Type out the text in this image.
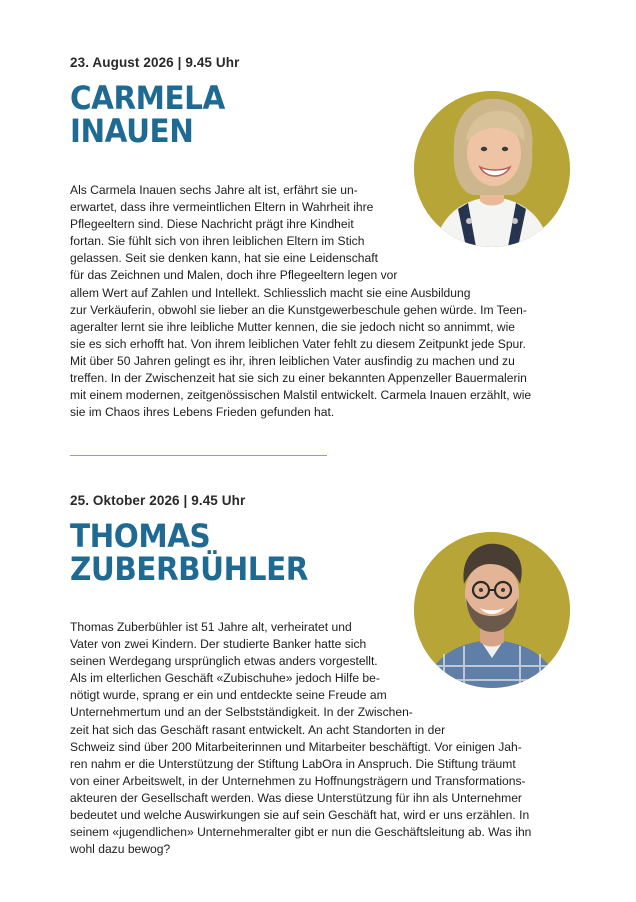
23. August 2026 | 9.45 Uhr
CARMELA
INAUEN
Als Carmela Inauen sechs Jahre alt ist, erfährt sie un-
erwartet, dass ihre vermeintlichen Eltern in Wahrheit ihre
Pflegeeltern sind. Diese Nachricht prägt ihre Kindheit
fortan. Sie fühlt sich von ihren leiblichen Eltern im Stich
gelassen. Seit sie denken kann, hat sie eine Leidenschaft
für das Zeichnen und Malen, doch ihre Pflegeeltern legen vor
allem Wert auf Zahlen und Intellekt. Schliesslich macht sie eine Ausbildung
zur Verkäuferin, obwohl sie lieber an die Kunstgewerbeschule gehen würde. Im Teen-
ageralter lernt sie ihre leibliche Mutter kennen, die sie jedoch nicht so annimmt, wie
sie es sich erhofft hat. Von ihrem leiblichen Vater fehlt zu diesem Zeitpunkt jede Spur.
Mit über 50 Jahren gelingt es ihr, ihren leiblichen Vater ausfindig zu machen und zu
treffen. In der Zwischenzeit hat sie sich zu einer bekannten Appenzeller Bauermalerin
mit einem modernen, zeitgenössischen Malstil entwickelt. Carmela Inauen erzählt, wie
sie im Chaos ihres Lebens Frieden gefunden hat.
25. Oktober 2026 | 9.45 Uhr
THOMAS
ZUBERBÜHLER
Thomas Zuberbühler ist 51 Jahre alt, verheiratet und
Vater von zwei Kindern. Der studierte Banker hatte sich
seinen Werdegang ursprünglich etwas anders vorgestellt.
Als im elterlichen Geschäft «Zubischuhe» jedoch Hilfe be-
nötigt wurde, sprang er ein und entdeckte seine Freude am
Unternehmertum und an der Selbstständigkeit. In der Zwischen-
zeit hat sich das Geschäft rasant entwickelt. An acht Standorten in der
Schweiz sind über 200 Mitarbeiterinnen und Mitarbeiter beschäftigt. Vor einigen Jah-
ren nahm er die Unterstützung der Stiftung LabOra in Anspruch. Die Stiftung träumt
von einer Arbeitswelt, in der Unternehmen zu Hoffnungsträgern und Transformations-
akteuren der Gesellschaft werden. Was diese Unterstützung für ihn als Unternehmer
bedeutet und welche Auswirkungen sie auf sein Geschäft hat, wird er uns erzählen. In
seinem «jugendlichen» Unternehmeralter gibt er nun die Geschäftsleitung ab. Was ihn
wohl dazu bewog?
